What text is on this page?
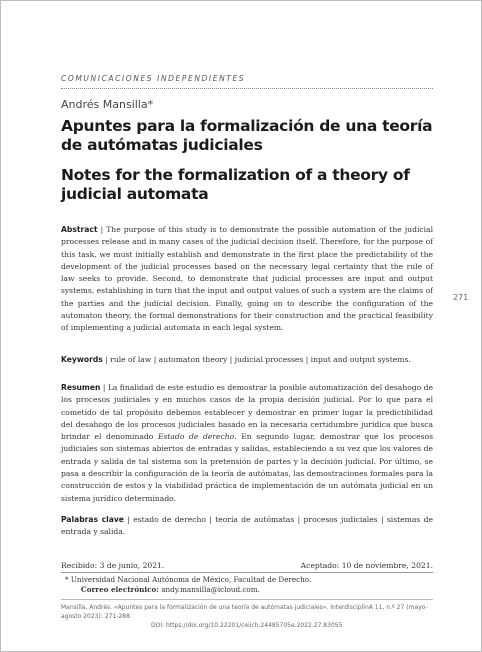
COMUNICACIONES INDEPENDIENTES
Andrés Mansilla*
Apuntes para la formalización de una teoría de autómatas judiciales
Notes for the formalization of a theory of judicial automata
Abstract | The purpose of this study is to demonstrate the possible automation of the judicial processes release and in many cases of the judicial decision itself. Therefore, for the purpose of this task, we must initially establish and demonstrate in the first place the predictability of the development of the judicial processes based on the necessary legal certainty that the rule of law seeks to provide. Second, to demonstrate that judicial processes are input and output systems, establishing in turn that the input and output values of such a system are the claims of the parties and the judicial decision. Finally, going on to describe the configuration of the automaton theory, the formal demonstrations for their construction and the practical feasibility of implementing a judicial automata in each legal system.
Keywords | rule of law | automaton theory | judicial processes | input and output systems.
271
Resumen | La finalidad de este estudio es demostrar la posible automatización del desahogo de los procesos judiciales y en muchos casos de la propia decisión judicial. Por lo que para el cometido de tal propósito debemos establecer y demostrar en primer lugar la predictibilidad del desahogo de los procesos judiciales basado en la necesaria certidumbre jurídica que busca brindar el denominado Estado de derecho. En segundo lugar, demostrar que los procesos judiciales son sistemas abiertos de entradas y salidas, estableciendo a su vez que los valores de entrada y salida de tal sistema son la pretensión de partes y la decisión judicial. Por último, se pasa a describir la configuración de la teoría de autómatas, las demostraciones formales para la construcción de estos y la viabilidad práctica de implementación de un autómata judicial en un sistema jurídico determinado.
Palabras clave | estado de derecho | teoría de autómatas | procesos judiciales | sistemas de entrada y salida.
Recibido: 3 de junio, 2021.	Aceptado: 10 de noviembre, 2021.
* Universidad Nacional Autónoma de México, Facultad de Derecho.
Correo electrónico: andy.mansilla@icloud.com.
Mansilla, Andrés. «Apuntes para la formalización de una teoría de autómatas judiciales». InterdisciplinA 11, n.º 27 (mayo-agosto 2023): 271-288.
DOI: https://doi.org/10.22201/ceiich.24485705e.2022.27.83055
